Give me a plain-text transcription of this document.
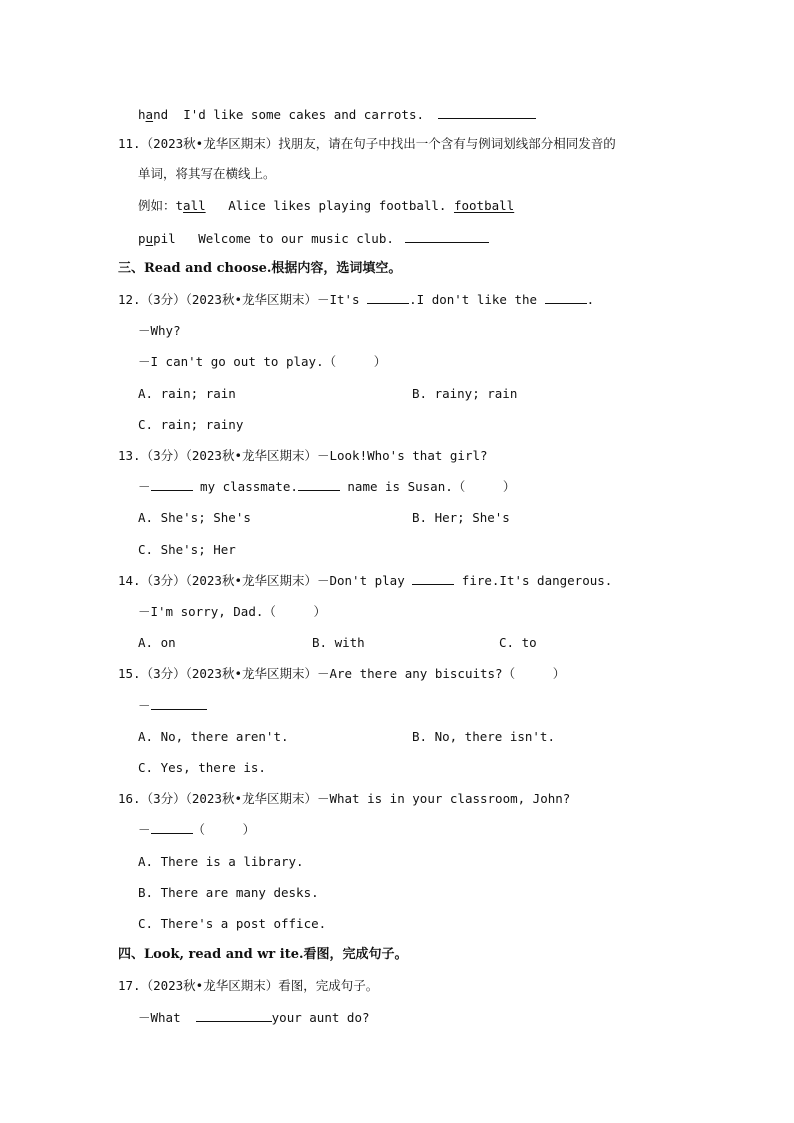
hand I'd like some cakes and carrots.
11.（2023秋•龙华区期末）找朋友，请在句子中找出一个含有与例词划线部分相同发音的
单词，将其写在横线上。
例如：tall Alice likes playing football. football
pupil Welcome to our music club.
三、Read and choose.根据内容，选词填空。
12.（3分）（2023秋•龙华区期末）－It's	.I don't like the	.
－Why?
－I can't go out to play.（     ）
A. rain; rain	B. rainy; rain
C. rain; rainy
13.（3分）（2023秋•龙华区期末）－Look!Who's that girl?
－	my classmate.	name is Susan.（     ）
A. She's; She's	B. Her; She's
C. She's; Her
14.（3分）（2023秋•龙华区期末）－Don't play	fire.It's dangerous.
－I'm sorry, Dad.（     ）
A. on	B. with	C. to
15.（3分）（2023秋•龙华区期末）－Are there any biscuits?（     ）
－
A. No, there aren't.	B. No, there isn't.
C. Yes, there is.
16.（3分）（2023秋•龙华区期末）－What is in your classroom, John?
－	（     ）
A. There is a library.
B. There are many desks.
C. There's a post office.
四、Look, read and wr ite.看图，完成句子。
17.（2023秋•龙华区期末）看图，完成句子。
－What	your aunt do?
